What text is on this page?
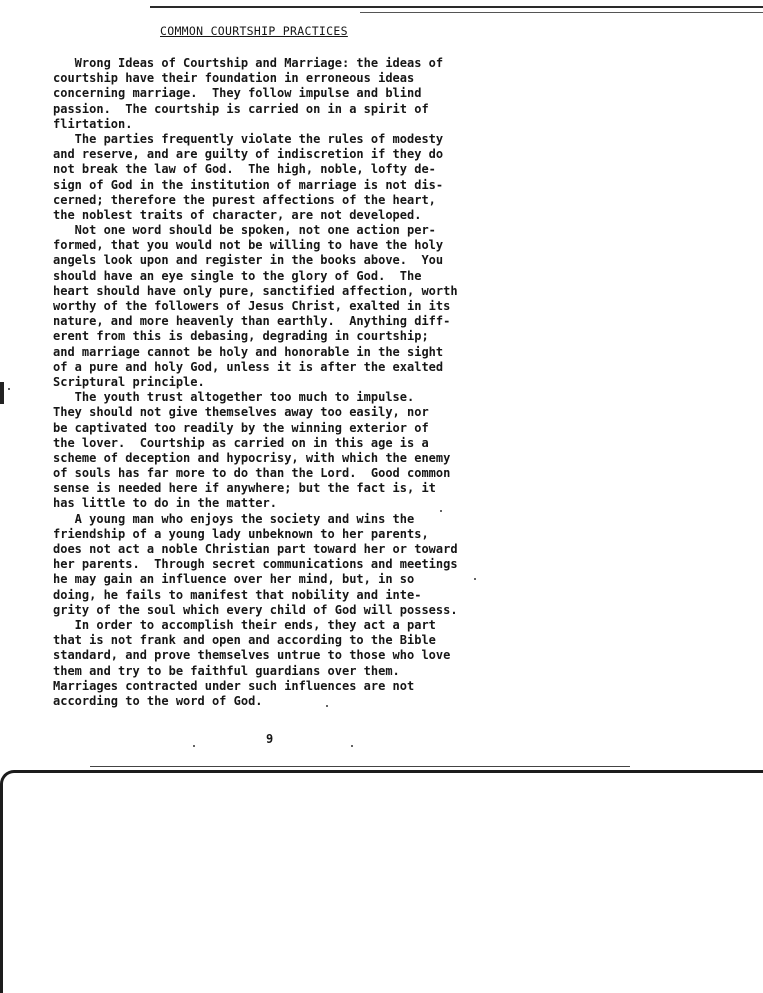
COMMON COURTSHIP PRACTICES
Wrong Ideas of Courtship and Marriage: the ideas of
courtship have their foundation in erroneous ideas
concerning marriage.  They follow impulse and blind
passion.  The courtship is carried on in a spirit of
flirtation.
The parties frequently violate the rules of modesty
and reserve, and are guilty of indiscretion if they do
not break the law of God.  The high, noble, lofty de-
sign of God in the institution of marriage is not dis-
cerned; therefore the purest affections of the heart,
the noblest traits of character, are not developed.
Not one word should be spoken, not one action per-
formed, that you would not be willing to have the holy
angels look upon and register in the books above.  You
should have an eye single to the glory of God.  The
heart should have only pure, sanctified affection, worth
worthy of the followers of Jesus Christ, exalted in its
nature, and more heavenly than earthly.  Anything diff-
erent from this is debasing, degrading in courtship;
and marriage cannot be holy and honorable in the sight
of a pure and holy God, unless it is after the exalted
Scriptural principle.
The youth trust altogether too much to impulse.
They should not give themselves away too easily, nor
be captivated too readily by the winning exterior of
the lover.  Courtship as carried on in this age is a
scheme of deception and hypocrisy, with which the enemy
of souls has far more to do than the Lord.  Good common
sense is needed here if anywhere; but the fact is, it
has little to do in the matter.
A young man who enjoys the society and wins the
friendship of a young lady unbeknown to her parents,
does not act a noble Christian part toward her or toward
her parents.  Through secret communications and meetings
he may gain an influence over her mind, but, in so
doing, he fails to manifest that nobility and inte-
grity of the soul which every child of God will possess.
In order to accomplish their ends, they act a part
that is not frank and open and according to the Bible
standard, and prove themselves untrue to those who love
them and try to be faithful guardians over them.
Marriages contracted under such influences are not
according to the word of God.
9
